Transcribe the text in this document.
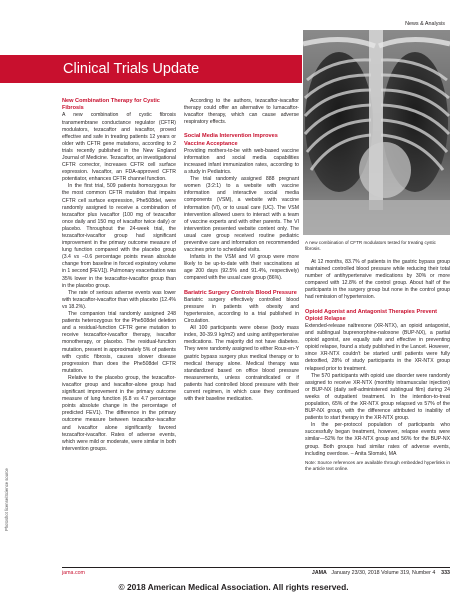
News & Analysis
Clinical Trials Update
A new combination of CFTR modulators tested for treating cystic fibrosis.
Photoshot license/Science source
New Combination Therapy for Cystic Fibrosis

A new combination of cystic fibrosis transmembrane conductance regulator (CFTR) modulators, tezacaftor and ivacaftor, proved effective and safe in treating patients 12 years or older with CFTR gene mutations, according to 2 trials recently published in the New England Journal of Medicine. Tezacaftor, an investigational CFTR corrector, increases CFTR cell surface expression. Ivacaftor, an FDA-approved CFTR potentiator, enhances CFTR channel function.

In the first trial, 509 patients homozygous for the most common CFTR mutation that impairs CFTR cell surface expression, Phe508del, were randomly assigned to receive a combination of tezacaftor plus ivacaftor (100 mg of tezacaftor once daily and 150 mg of ivacaftor twice daily) or placebo. Throughout the 24-week trial, the tezacaftor-ivacaftor group had significant improvement in the primary outcome measure of lung function compared with the placebo group (3.4 vs −0.6 percentage points mean absolute change from baseline in forced expiratory volume in 1 second [FEV1]). Pulmonary exacerbation was 35% lower in the tezacaftor-ivacaftor group than in the placebo group.

The rate of serious adverse events was lower with tezacaftor-ivacaftor than with placebo (12.4% vs 18.2%).

The companion trial randomly assigned 248 patients heterozygous for the Phe508del deletion and a residual-function CFTR gene mutation to receive tezacaftor-ivacaftor therapy, ivacaftor monotherapy, or placebo. The residual-function mutation, present in approximately 5% of patients with cystic fibrosis, causes slower disease progression than does the Phe508del CFTR mutation.

Relative to the placebo group, the tezacaftor-ivacaftor group and ivacaftor-alone group had significant improvement in the primary outcome measure of lung function (6.8 vs 4.7 percentage points absolute change in the percentage of predicted FEV1). The difference in the primary outcome measure between tezacaftor-ivacaftor and ivacaftor alone significantly favored tezacaftor-ivacaftor. Rates of adverse events, which were mild or moderate, were similar in both intervention groups.

According to the authors, tezacaftor-ivacaftor therapy could offer an alternative to lumacaftor-ivacaftor therapy, which can cause adverse respiratory effects.

Social Media Intervention Improves Vaccine Acceptance

Providing mothers-to-be with web-based vaccine information and social media capabilities increased infant immunization rates, according to a study in Pediatrics.

The trial randomly assigned 888 pregnant women (3:2:1) to a website with vaccine information and interactive social media components (VSM), a website with vaccine information (VI), or to usual care (UC). The VSM intervention allowed users to interact with a team of vaccine experts and with other parents. The VI intervention presented website content only. The usual care group received routine pediatric preventive care and information on recommended vaccines prior to scheduled visits.

Infants in the VSM and VI group were more likely to be up-to-date with their vaccinations at age 200 days (92.5% and 91.4%, respectively) compared with the usual care group (86%).

Bariatric Surgery Controls Blood Pressure

Bariatric surgery effectively controlled blood pressure in patients with obesity and hypertension, according to a trial published in Circulation.

All 100 participants were obese (body mass index, 30-39.9 kg/m2) and using antihypertensive medications. The majority did not have diabetes. They were randomly assigned to either Roux-en-Y gastric bypass surgery plus medical therapy or to medical therapy alone. Medical therapy was standardized based on office blood pressure measurements, unless contraindicated or if patients had controlled blood pressure with their current regimen, in which case they continued with their baseline medication.

At 12 months, 83.7% of patients in the gastric bypass group maintained controlled blood pressure while reducing their total number of antihypertensive medications by 30% or more compared with 12.8% of the control group. About half of the participants in the surgery group but none in the control group had remission of hypertension.

Opioid Agonist and Antagonist Therapies Prevent Opioid Relapse

Extended-release naltrexone (XR-NTX), an opioid antagonist, and sublingual buprenorphine-naloxone (BUP-NX), a partial opioid agonist, are equally safe and effective in preventing opioid relapse, found a study published in the Lancet. However, since XR-NTX couldn't be started until patients were fully detoxified, 28% of study participants in the XR-NTX group relapsed prior to treatment.

The 570 participants with opioid use disorder were randomly assigned to receive XR-NTX (monthly intramuscular injection) or BUP-NX (daily self-administered sublingual film) during 24 weeks of outpatient treatment. In the intention-to-treat population, 65% of the XR-NTX group relapsed vs 57% of the BUP-NX group, with the difference attributed to inability of patients to start therapy in the XR-NTX group.

In the per-protocol population of participants who successfully began treatment, however, relapse events were similar—52% for the XR-NTX group and 56% for the BUP-NX group. Both groups had similar rates of adverse events, including overdose. – Anita Slomski, MA

Note: Source references are available through embedded hyperlinks in the article text online.

jama.com	JAMA January 23/30, 2018 Volume 319, Number 4 333
© 2018 American Medical Association. All rights reserved.
